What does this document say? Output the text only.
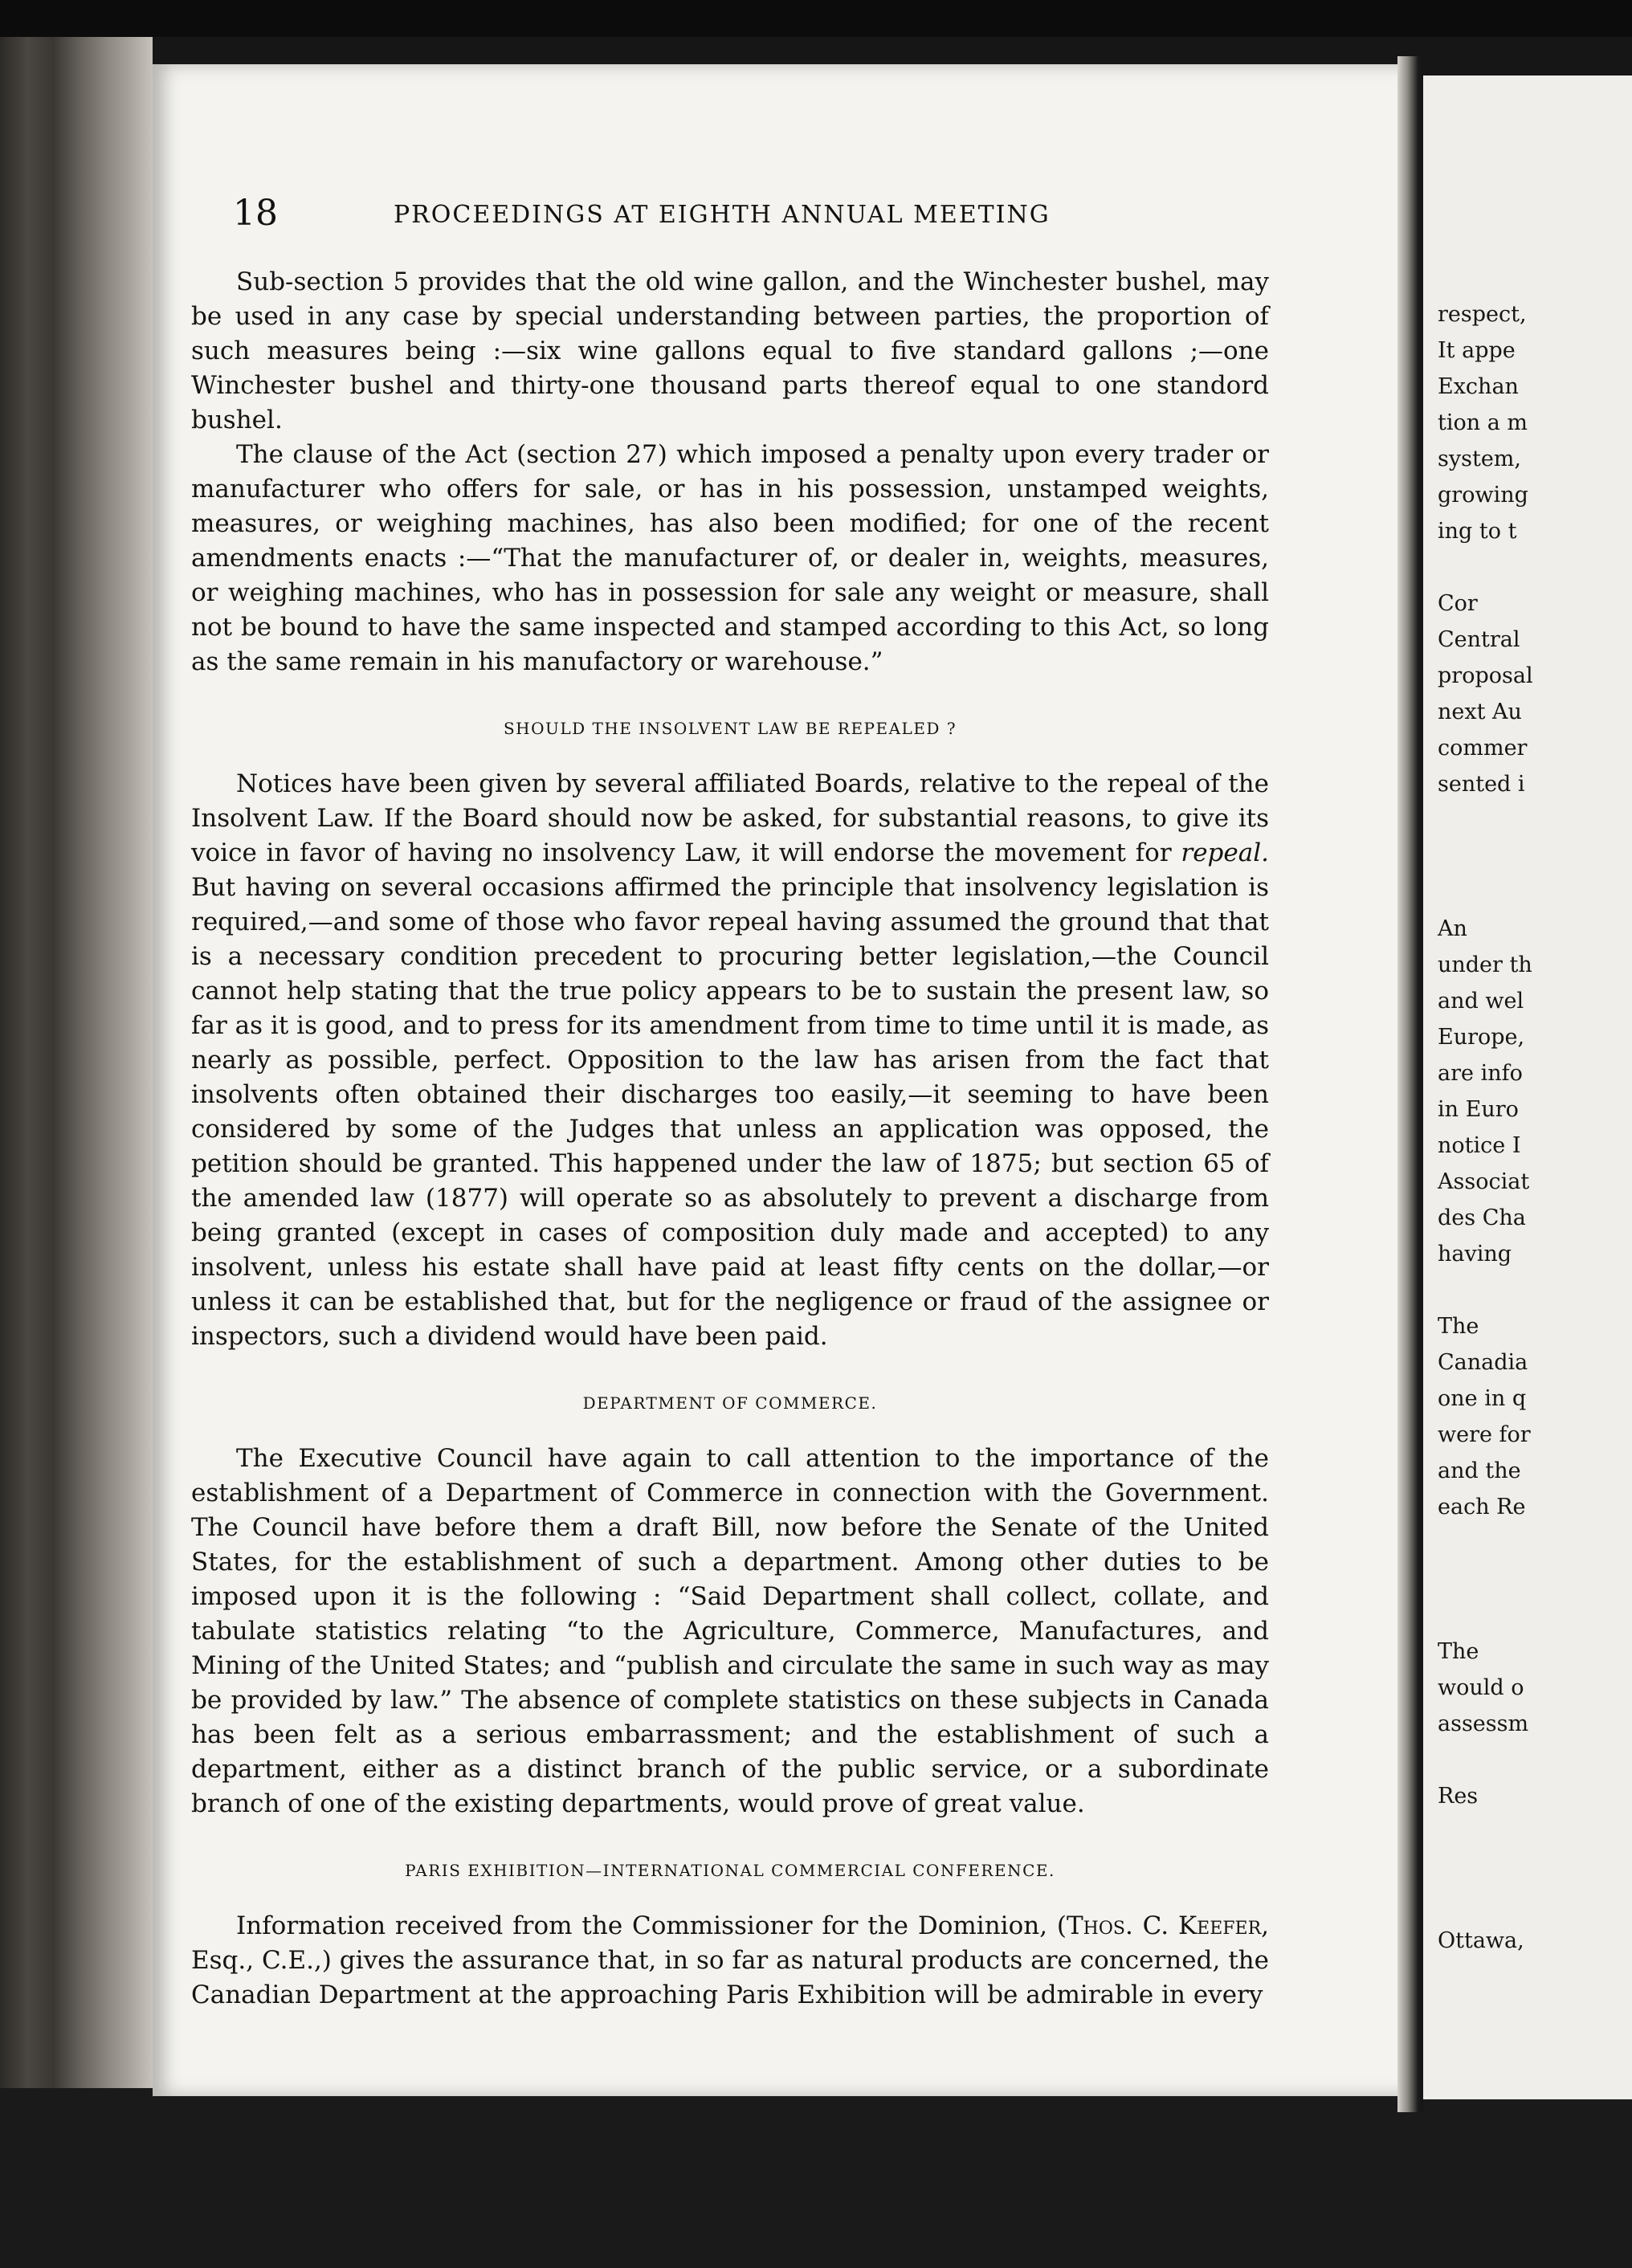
18	PROCEEDINGS AT EIGHTH ANNUAL MEETING

Sub-section 5 provides that the old wine gallon, and the Winchester bushel, may be used in any case by special understanding between parties, the proportion of such measures being :—six wine gallons equal to five standard gallons ;—one Winchester bushel and thirty-one thousand parts thereof equal to one standord bushel.

The clause of the Act (section 27) which imposed a penalty upon every trader or manufacturer who offers for sale, or has in his possession, unstamped weights, measures, or weighing machines, has also been modified; for one of the recent amendments enacts :—“That the manufacturer of, or dealer in, weights, measures, or weighing machines, who has in possession for sale any weight or measure, shall not be bound to have the same inspected and stamped according to this Act, so long as the same remain in his manufactory or warehouse.”

SHOULD THE INSOLVENT LAW BE REPEALED ?

Notices have been given by several affiliated Boards, relative to the repeal of the Insolvent Law. If the Board should now be asked, for substantial reasons, to give its voice in favor of having no insolvency Law, it will endorse the movement for repeal. But having on several occasions affirmed the principle that insolvency legislation is required,—and some of those who favor repeal having assumed the ground that that is a necessary condition precedent to procuring better legislation,—the Council cannot help stating that the true policy appears to be to sustain the present law, so far as it is good, and to press for its amendment from time to time until it is made, as nearly as possible, perfect. Opposition to the law has arisen from the fact that insolvents often obtained their discharges too easily,—it seeming to have been considered by some of the Judges that unless an application was opposed, the petition should be granted. This happened under the law of 1875; but section 65 of the amended law (1877) will operate so as absolutely to prevent a discharge from being granted (except in cases of composition duly made and accepted) to any insolvent, unless his estate shall have paid at least fifty cents on the dollar,—or unless it can be established that, but for the negligence or fraud of the assignee or inspectors, such a dividend would have been paid.

DEPARTMENT OF COMMERCE.

The Executive Council have again to call attention to the importance of the establishment of a Department of Commerce in connection with the Government. The Council have before them a draft Bill, now before the Senate of the United States, for the establishment of such a department. Among other duties to be imposed upon it is the following : “Said Department shall collect, collate, and tabulate statistics relating “to the Agriculture, Commerce, Manufactures, and Mining of the United States; and “publish and circulate the same in such way as may be provided by law.” The absence of complete statistics on these subjects in Canada has been felt as a serious embarrassment; and the establishment of such a department, either as a distinct branch of the public service, or a subordinate branch of one of the existing departments, would prove of great value.

PARIS EXHIBITION—INTERNATIONAL COMMERCIAL CONFERENCE.

Information received from the Commissioner for the Dominion, (Thos. C. Keefer, Esq., C.E.,) gives the assurance that, in so far as natural products are concerned, the Canadian Department at the approaching Paris Exhibition will be admirable in every

respect,
It appe
Exchan
tion a m
system,
growing
ing to t
Cor
Central
proposal
next Au
commer
sented i
An
under th
and wel
Europe,
are info
in Euro
notice I
Associat
des Cha
having
The
Canadia
one in q
were for
and the
each Re
The
would o
assessm
Res
Ottawa,
